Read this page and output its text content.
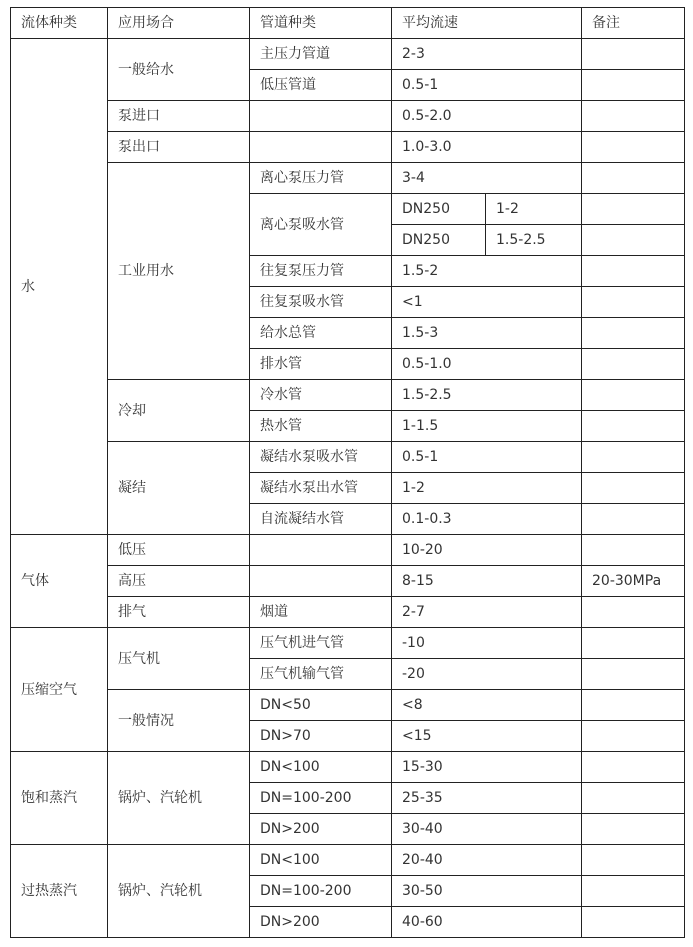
流体种类	应用场合	管道种类	平均流速		备注
水	一般给水	主压力管道	2-3		
		低压管道	0.5-1		
	泵进口		0.5-2.0		
	泵出口		1.0-3.0		
	工业用水	离心泵压力管	3-4		
		离心泵吸水管	DN250	1-2	
			DN250	1.5-2.5	
		往复泵压力管	1.5-2		
		往复泵吸水管	<1		
		给水总管	1.5-3		
		排水管	0.5-1.0		
	冷却	冷水管	1.5-2.5		
		热水管	1-1.5		
	凝结	凝结水泵吸水管	0.5-1		
		凝结水泵出水管	1-2		
		自流凝结水管	0.1-0.3		
气体	低压		10-20		
	高压		8-15		20-30MPa
	排气	烟道	2-7		
压缩空气	压气机	压气机进气管	-10		
		压气机输气管	-20		
	一般情况	DN<50	<8		
		DN>70	<15		
饱和蒸汽	锅炉、汽轮机	DN<100	15-30		
		DN=100-200	25-35		
		DN>200	30-40		
过热蒸汽	锅炉、汽轮机	DN<100	20-40		
		DN=100-200	30-50		
		DN>200	40-60		
